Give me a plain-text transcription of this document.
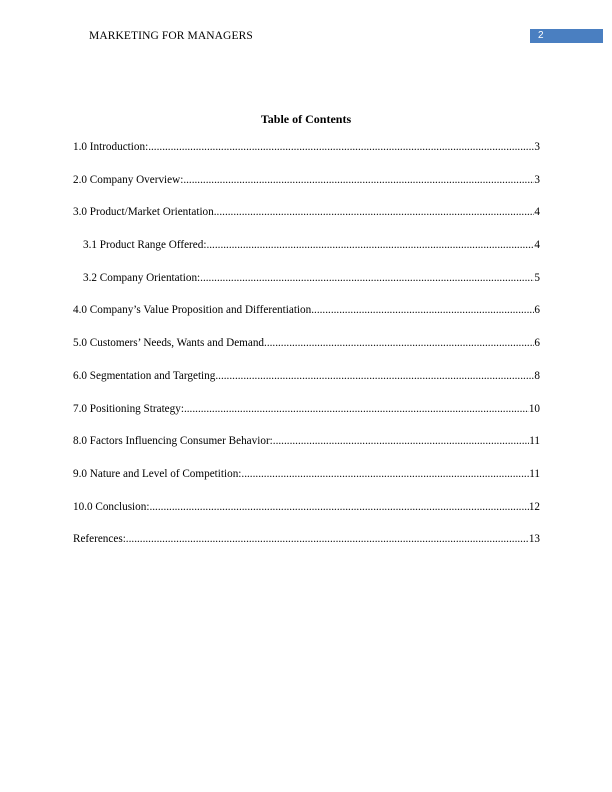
MARKETING FOR MANAGERS	2
Table of Contents
1.0 Introduction: .....	3
2.0 Company Overview: .....	3
3.0 Product/Market Orientation .....	4
3.1 Product Range Offered: .....	4
3.2 Company Orientation: .....	5
4.0 Company’s Value Proposition and Differentiation .....	6
5.0 Customers’ Needs, Wants and Demand .....	6
6.0 Segmentation and Targeting .....	8
7.0 Positioning Strategy: .....	10
8.0 Factors Influencing Consumer Behavior: .....	11
9.0 Nature and Level of Competition: .....	11
10.0 Conclusion: .....	12
References: .....	13
